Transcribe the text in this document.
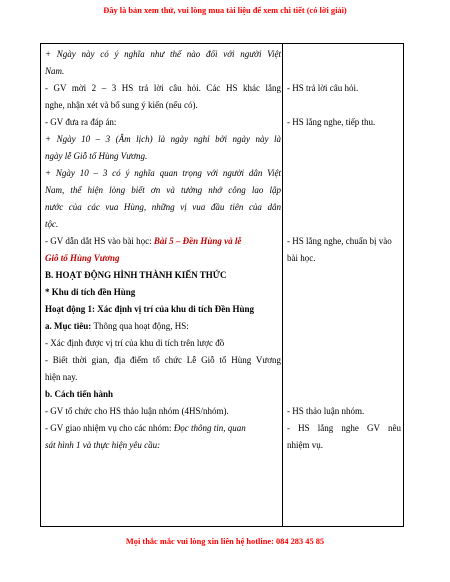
Đây là bản xem thử, vui lòng mua tài liệu để xem chi tiết (có lời giải)
+ Ngày này có ý nghĩa như thế nào đối với người Việt
Nam.
- GV mời 2 – 3 HS trả lời câu hỏi. Các HS khác lắng
nghe, nhận xét và bổ sung ý kiến (nếu có).
- GV đưa ra đáp án:
+ Ngày 10 – 3 (Âm lịch) là ngày nghỉ bởi ngày này là
ngày lễ Giỗ tổ Hùng Vương.
+ Ngày 10 – 3 có ý nghĩa quan trọng với người dân Việt
Nam, thể hiện lòng biết ơn và tưởng nhớ công lao lập
nước của các vua Hùng, những vị vua đầu tiên của dân
tộc.
- GV dẫn dắt HS vào bài học: Bài 5 – Đền Hùng và lễ
Giỗ tổ Hùng Vương
B. HOẠT ĐỘNG HÌNH THÀNH KIẾN THỨC
* Khu di tích đền Hùng
Hoạt động 1: Xác định vị trí của khu di tích Đền Hùng
a. Mục tiêu: Thông qua hoạt động, HS:
- Xác định được vị trí của khu di tích trên lược đồ
- Biết thời gian, địa điểm tổ chức Lễ Giỗ tổ Hùng Vương
hiện nay.
b. Cách tiến hành
- GV tổ chức cho HS thảo luận nhóm (4HS/nhóm).
- GV giao nhiệm vụ cho các nhóm: Đọc thông tin, quan
sát hình 1 và thực hiện yêu cầu:
- HS trả lời câu hỏi.
- HS lắng nghe, tiếp thu.
- HS lắng nghe, chuẩn bị vào
bài học.
- HS thảo luận nhóm.
- HS lắng nghe GV nêu
nhiệm vụ.
Mọi thắc mắc vui lòng xin liên hệ hotline: 084 283 45 85
